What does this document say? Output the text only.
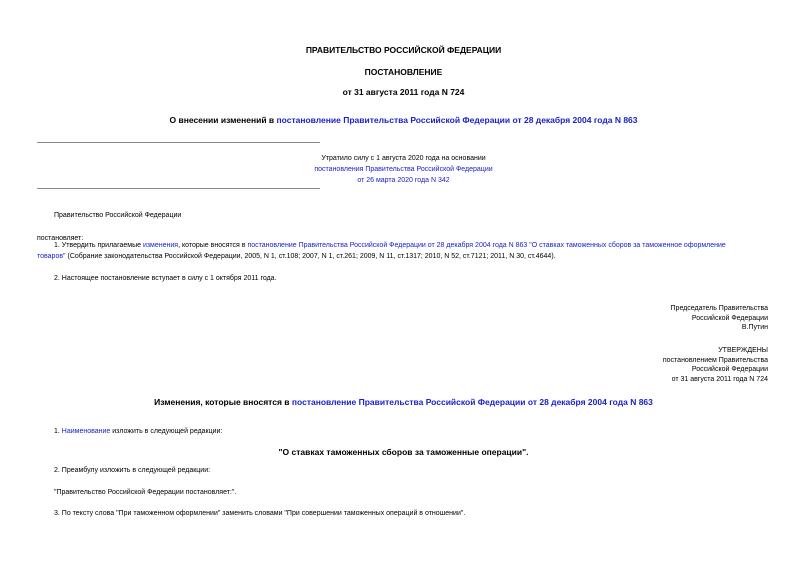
ПРАВИТЕЛЬСТВО РОССИЙСКОЙ ФЕДЕРАЦИИ
ПОСТАНОВЛЕНИЕ
от 31 августа 2011 года N 724
О внесении изменений в постановление Правительства Российской Федерации от 28 декабря 2004 года N 863
Утратило силу с 1 августа 2020 года на основании
постановления Правительства Российской Федерации
от 26 марта 2020 года N 342
Правительство Российской Федерации
постановляет:
1. Утвердить прилагаемые изменения, которые вносятся в постановление Правительства Российской Федерации от 28 декабря 2004 года N 863 "О ставках таможенных сборов за таможенное оформление
товаров" (Собрание законодательства Российской Федерации, 2005, N 1, ст.108; 2007, N 1, ст.261; 2009, N 11, ст.1317; 2010, N 52, ст.7121; 2011, N 30, ст.4644).
2. Настоящее постановление вступает в силу с 1 октября 2011 года.
Председатель Правительства
Российской Федерации
В.Путин
УТВЕРЖДЕНЫ
постановлением Правительства
Российской Федерации
от 31 августа 2011 года N 724
Изменения, которые вносятся в постановление Правительства Российской Федерации от 28 декабря 2004 года N 863
1. Наименование изложить в следующей редакции:
"О ставках таможенных сборов за таможенные операции".
2. Преамбулу изложить в следующей редакции:
"Правительство Российской Федерации постановляет:".
3. По тексту слова "При таможенном оформлении" заменить словами "При совершении таможенных операций в отношении".
